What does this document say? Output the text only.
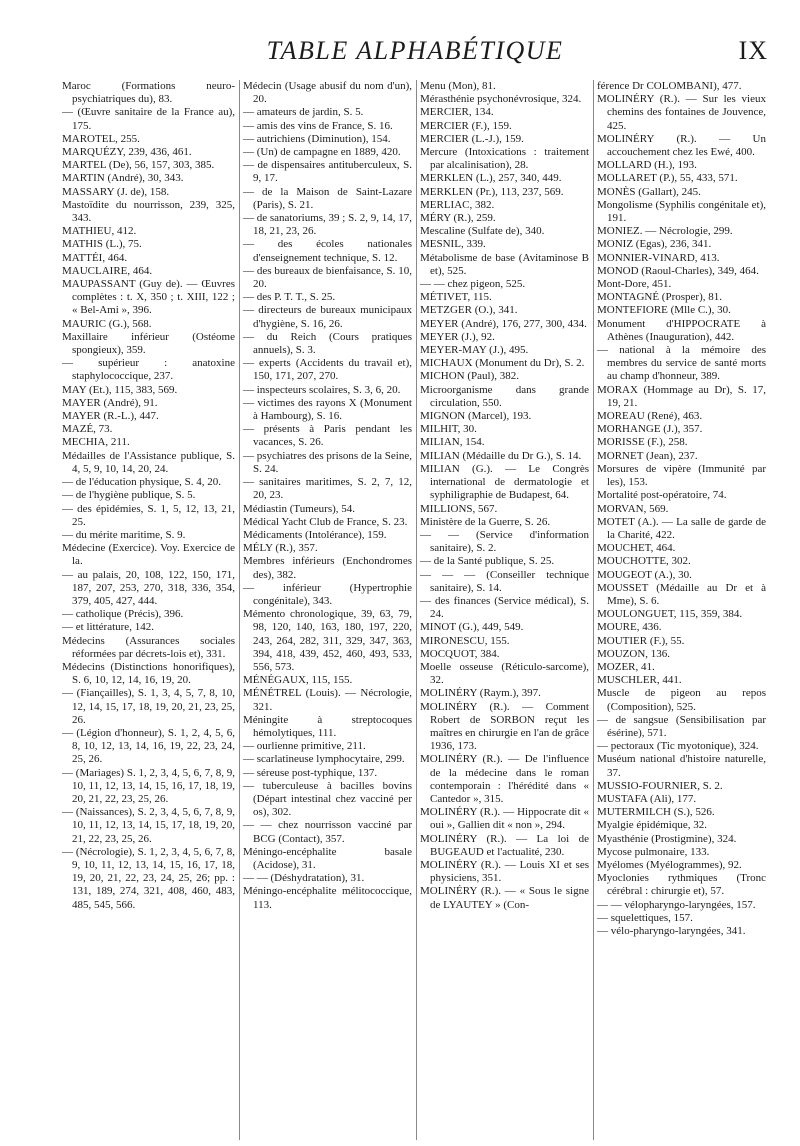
TABLE ALPHABÉTIQUE	IX

Maroc (Formations neuro-psychiatriques du), 83.

— (Œuvre sanitaire de la France au), 175.

MAROTEL, 255.

MARQUÉZY, 239, 436, 461.

MARTEL (De), 56, 157, 303, 385.

MARTIN (André), 30, 343.

MASSARY (J. de), 158.

Mastoïdite du nourrisson, 239, 325, 343.

MATHIEU, 412.

MATHIS (L.), 75.

MATTÉI, 464.

MAUCLAIRE, 464.

MAUPASSANT (Guy de). — Œuvres complètes : t. X, 350 ; t. XIII, 122 ; « Bel-Ami », 396.

MAURIC (G.), 568.

Maxillaire inférieur (Ostéome spongieux), 359.

— supérieur : anatoxine staphylococcique, 237.

MAY (Et.), 115, 383, 569.

MAYER (André), 91.

MAYER (R.-L.), 447.

MAZÉ, 73.

MECHIA, 211.

Médailles de l'Assistance publique, S. 4, 5, 9, 10, 14, 20, 24.

— de l'éducation physique, S. 4, 20.

— de l'hygiène publique, S. 5.

— des épidémies, S. 1, 5, 12, 13, 21, 25.

— du mérite maritime, S. 9.

Médecine (Exercice). Voy. Exercice de la.

— au palais, 20, 108, 122, 150, 171, 187, 207, 253, 270, 318, 336, 354, 379, 405, 427, 444.

— catholique (Précis), 396.

— et littérature, 142.

Médecins (Assurances sociales réformées par décrets-lois et), 331.

Médecins (Distinctions honorifiques), S. 6, 10, 12, 14, 16, 19, 20.

— (Fiançailles), S. 1, 3, 4, 5, 7, 8, 10, 12, 14, 15, 17, 18, 19, 20, 21, 23, 25, 26.

— (Légion d'honneur), S. 1, 2, 4, 5, 6, 8, 10, 12, 13, 14, 16, 19, 22, 23, 24, 25, 26.

— (Mariages) S. 1, 2, 3, 4, 5, 6, 7, 8, 9, 10, 11, 12, 13, 14, 15, 16, 17, 18, 19, 20, 21, 22, 23, 25, 26.

— (Naissances), S. 2, 3, 4, 5, 6, 7, 8, 9, 10, 11, 12, 13, 14, 15, 17, 18, 19, 20, 21, 22, 23, 25, 26.

— (Nécrologie), S. 1, 2, 3, 4, 5, 6, 7, 8, 9, 10, 11, 12, 13, 14, 15, 16, 17, 18, 19, 20, 21, 22, 23, 24, 25, 26; pp. : 131, 189, 274, 321, 408, 460, 483, 485, 545, 566.

Médecin (Usage abusif du nom d'un), 20.

— amateurs de jardin, S. 5.

— amis des vins de France, S. 16.

— autrichiens (Diminution), 154.

— (Un) de campagne en 1889, 420.

— de dispensaires antituberculeux, S. 9, 17.

— de la Maison de Saint-Lazare (Paris), S. 21.

— de sanatoriums, 39 ; S. 2, 9, 14, 17, 18, 21, 23, 26.

— des écoles nationales d'enseignement technique, S. 12.

— des bureaux de bienfaisance, S. 10, 20.

— des P. T. T., S. 25.

— directeurs de bureaux municipaux d'hygiène, S. 16, 26.

— du Reich (Cours pratiques annuels), S. 3.

— experts (Accidents du travail et), 150, 171, 207, 270.

— inspecteurs scolaires, S. 3, 6, 20.

— victimes des rayons X (Monument à Hambourg), S. 16.

— présents à Paris pendant les vacances, S. 26.

— psychiatres des prisons de la Seine, S. 24.

— sanitaires maritimes, S. 2, 7, 12, 20, 23.

Médiastin (Tumeurs), 54.

Médical Yacht Club de France, S. 23.

Médicaments (Intolérance), 159.

MÉLY (R.), 357.

Membres inférieurs (Enchondromes des), 382.

— inférieur (Hypertrophie congénitale), 343.

Mémento chronologique, 39, 63, 79, 98, 120, 140, 163, 180, 197, 220, 243, 264, 282, 311, 329, 347, 363, 394, 418, 439, 452, 460, 493, 533, 556, 573.

MÉNÉGAUX, 115, 155.

MÉNÉTREL (Louis). — Nécrologie, 321.

Méningite à streptocoques hémolytiques, 111.

— ourlienne primitive, 211.

— scarlatineuse lymphocytaire, 299.

— séreuse post-typhique, 137.

— tuberculeuse à bacilles bovins (Départ intestinal chez vacciné per os), 302.

— — chez nourrisson vacciné par BCG (Contact), 357.

Méningo-encéphalite basale (Acidose), 31.

— — (Déshydratation), 31.

Méningo-encéphalite mélitococcique, 113.

Menu (Mon), 81.

Mérasthénie psychonévrosique, 324.

MERCIER, 134.

MERCIER (F.), 159.

MERCIER (L.-J.), 159.

Mercure (Intoxications : traitement par alcalinisation), 28.

MERKLEN (L.), 257, 340, 449.

MERKLEN (Pr.), 113, 237, 569.

MERLIAC, 382.

MÉRY (R.), 259.

Mescaline (Sulfate de), 340.

MESNIL, 339.

Métabolisme de base (Avitaminose B et), 525.

— — chez pigeon, 525.

MÉTIVET, 115.

METZGER (O.), 341.

MEYER (André), 176, 277, 300, 434.

MEYER (J.), 92.

MEYER-MAY (J.), 495.

MICHAUX (Monument du Dr), S. 2.

MICHON (Paul), 382.

Microorganisme dans grande circulation, 550.

MIGNON (Marcel), 193.

MILHIT, 30.

MILIAN, 154.

MILIAN (Médaille du Dr G.), S. 14.

MILIAN (G.). — Le Congrès international de dermatologie et syphiligraphie de Budapest, 64.

MILLIONS, 567.

Ministère de la Guerre, S. 26.

— — (Service d'information sanitaire), S. 2.

— de la Santé publique, S. 25.

— — — (Conseiller technique sanitaire), S. 14.

— des finances (Service médical), S. 24.

MINOT (G.), 449, 549.

MIRONESCU, 155.

MOCQUOT, 384.

Moelle osseuse (Réticulo-sarcome), 32.

MOLINÉRY (Raym.), 397.

MOLINÉRY (R.). — Comment Robert de SORBON reçut les maîtres en chirurgie en l'an de grâce 1936, 173.

MOLINÉRY (R.). — De l'influence de la médecine dans le roman contemporain : l'hérédité dans « Cantedor », 315.

MOLINÉRY (R.). — Hippocrate dit « oui », Gallien dit « non », 294.

MOLINÉRY (R.). — La loi de BUGEAUD et l'actualité, 230.

MOLINÉRY (R.). — Louis XI et ses physiciens, 351.

MOLINÉRY (R.). — « Sous le signe de LYAUTEY » (Con-

férence Dr COLOMBANI), 477.

MOLINÉRY (R.). — Sur les vieux chemins des fontaines de Jouvence, 425.

MOLINÉRY (R.). — Un accouchement chez les Ewé, 400.

MOLLARD (H.), 193.

MOLLARET (P.), 55, 433, 571.

MONÈS (Gallart), 245.

Mongolisme (Syphilis congénitale et), 191.

MONIEZ. — Nécrologie, 299.

MONIZ (Egas), 236, 341.

MONNIER-VINARD, 413.

MONOD (Raoul-Charles), 349, 464.

Mont-Dore, 451.

MONTAGNÉ (Prosper), 81.

MONTEFIORE (Mlle C.), 30.

Monument d'HIPPOCRATE à Athènes (Inauguration), 442.

— national à la mémoire des membres du service de santé morts au champ d'honneur, 389.

MORAX (Hommage au Dr), S. 17, 19, 21.

MOREAU (René), 463.

MORHANGE (J.), 357.

MORISSE (F.), 258.

MORNET (Jean), 237.

Morsures de vipère (Immunité par les), 153.

Mortalité post-opératoire, 74.

MORVAN, 569.

MOTET (A.). — La salle de garde de la Charité, 422.

MOUCHET, 464.

MOUCHOTTE, 302.

MOUGEOT (A.), 30.

MOUSSET (Médaille au Dr et à Mme), S. 6.

MOULONGUET, 115, 359, 384.

MOURE, 436.

MOUTIER (F.), 55.

MOUZON, 136.

MOZER, 41.

MUSCHLER, 441.

Muscle de pigeon au repos (Composition), 525.

— de sangsue (Sensibilisation par ésérine), 571.

— pectoraux (Tic myotonique), 324.

Muséum national d'histoire naturelle, 37.

MUSSIO-FOURNIER, S. 2.

MUSTAFA (Ali), 177.

MUTERMILCH (S.), 526.

Myalgie épidémique, 32.

Myasthénie (Prostigmine), 324.

Mycose pulmonaire, 133.

Myélomes (Myélogrammes), 92.

Myoclonies rythmiques (Tronc cérébral : chirurgie et), 57.

— — vélopharyngo-laryngées, 157.

— squelettiques, 157.

— vélo-pharyngo-laryngées, 341.
